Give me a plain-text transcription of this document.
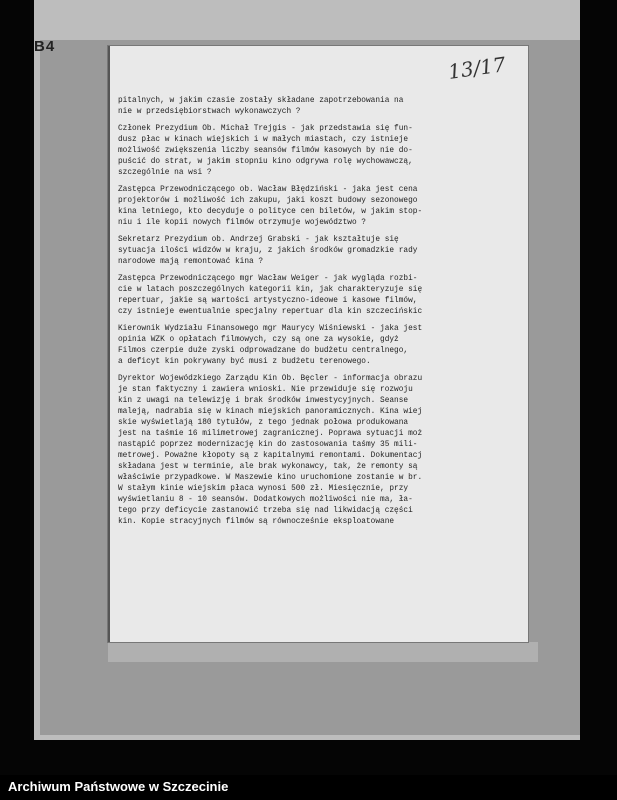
B4
13/17
pitalnych, w jakim czasie zostały składane zapotrzebowania na
nie w przedsiębiorstwach wykonawczych ?
Członek Prezydium Ob. Michał Trejgis - jak przedstawia się fun-
dusz płac w kinach wiejskich i w małych miastach, czy istnieje
możliwość zwiększenia liczby seansów filmów kasowych by nie do-
puścić do strat, w jakim stopniu kino odgrywa rolę wychowawczą,
szczególnie na wsi ?
Zastępca Przewodniczącego ob. Wacław Błędziński - jaka jest cena
projektorów i możliwość ich zakupu, jaki koszt budowy sezonowego
kina letniego, kto decyduje o polityce cen biletów, w jakim stop-
niu i ile kopii nowych filmów otrzymuje województwo ?
Sekretarz Prezydium ob. Andrzej Grabski - jak kształtuje się
sytuacja ilości widzów w kraju, z jakich środków gromadzkie rady
narodowe mają remontować kina ?
Zastępca Przewodniczącego mgr Wacław Weiger - jak wygląda rozbi-
cie w latach poszczególnych kategorii kin, jak charakteryzuje się
repertuar, jakie są wartości artystyczno-ideowe i kasowe filmów,
czy istnieje ewentualnie specjalny repertuar dla kin szczecińskic
Kierownik Wydziału Finansowego mgr Maurycy Wiśniewski - jaka jest
opinia WZK o opłatach filmowych, czy są one za wysokie, gdyż
Filmos czerpie duże zyski odprowadzane do budżetu centralnego,
a deficyt kin pokrywany być musi z budżetu terenowego.
Dyrektor Wojewódzkiego Zarządu Kin Ob. Bęcler - informacja obrazu
je stan faktyczny i zawiera wnioski. Nie przewiduje się rozwoju
kin z uwagi na telewizję i brak środków inwestycyjnych. Seanse
maleją, nadrabia się w kinach miejskich panoramicznych. Kina wiej
skie wyświetlają 180 tytułów, z tego jednak połowa produkowana
jest na taśmie 16 milimetrowej zagranicznej. Poprawa sytuacji moż
nastąpić poprzez modernizację kin do zastosowania taśmy 35 mili-
metrowej. Poważne kłopoty są z kapitalnymi remontami. Dokumentacj
składana jest w terminie, ale brak wykonawcy, tak, że remonty są
właściwie przypadkowe. W Maszewie kino uruchomione zostanie w br.
W stałym kinie wiejskim płaca wynosi 500 zł. Miesięcznie, przy
wyświetlaniu 8 - 10 seansów. Dodatkowych możliwości nie ma, ła-
tego przy deficycie zastanowić trzeba się nad likwidacją części
kin. Kopie stracyjnych filmów są równocześnie eksploatowane
Archiwum Państwowe w Szczecinie
